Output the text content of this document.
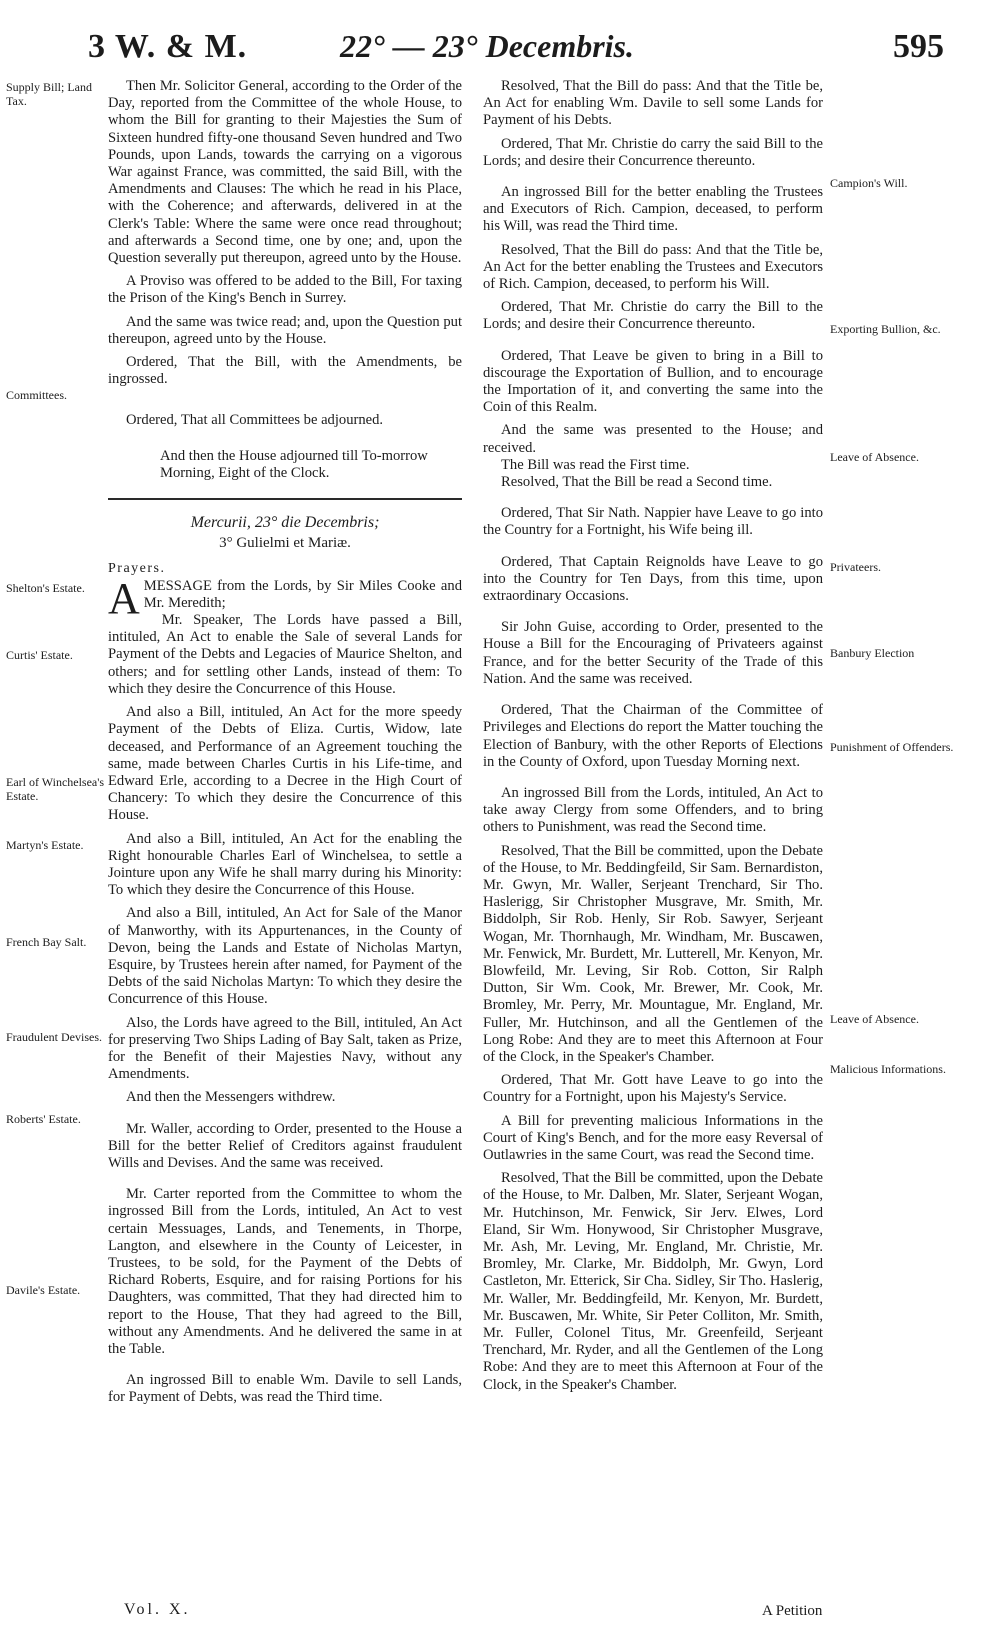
3 W. & M.	22° — 23° Decembris.	595

Then Mr. Solicitor General, according to the Order of the Day, reported from the Committee of the whole House, to whom the Bill for granting to their Majesties the Sum of Sixteen hundred fifty-one thousand Seven hundred and Two Pounds, upon Lands, towards the carrying on a vigorous War against France, was committed, the said Bill, with the Amendments and Clauses: The which he read in his Place, with the Coherence; and afterwards, delivered in at the Clerk's Table: Where the same were once read throughout; and afterwards a Second time, one by one; and, upon the Question severally put thereupon, agreed unto by the House.

A Proviso was offered to be added to the Bill, For taxing the Prison of the King's Bench in Surrey.

And the same was twice read; and, upon the Question put thereupon, agreed unto by the House.

Ordered, That the Bill, with the Amendments, be ingrossed.

Ordered, That all Committees be adjourned.

And then the House adjourned till To-morrow Morning, Eight of the Clock.

Mercurii, 23° die Decembris;
3° Gulielmi et Mariæ.

Prayers.

AMESSAGE from the Lords, by Sir Miles Cooke and Mr. Meredith;

Mr. Speaker, The Lords have passed a Bill, intituled, An Act to enable the Sale of several Lands for Payment of the Debts and Legacies of Maurice Shelton, and others; and for settling other Lands, instead of them: To which they desire the Concurrence of this House.

And also a Bill, intituled, An Act for the more speedy Payment of the Debts of Eliza. Curtis, Widow, late deceased, and Performance of an Agreement touching the same, made between Charles Curtis in his Life-time, and Edward Erle, according to a Decree in the High Court of Chancery: To which they desire the Concurrence of this House.

And also a Bill, intituled, An Act for the enabling the Right honourable Charles Earl of Winchelsea, to settle a Jointure upon any Wife he shall marry during his Minority: To which they desire the Concurrence of this House.

And also a Bill, intituled, An Act for Sale of the Manor of Manworthy, with its Appurtenances, in the County of Devon, being the Lands and Estate of Nicholas Martyn, Esquire, by Trustees herein after named, for Payment of the Debts of the said Nicholas Martyn: To which they desire the Concurrence of this House.

Also, the Lords have agreed to the Bill, intituled, An Act for preserving Two Ships Lading of Bay Salt, taken as Prize, for the Benefit of their Majesties Navy, without any Amendments.

And then the Messengers withdrew.

Mr. Waller, according to Order, presented to the House a Bill for the better Relief of Creditors against fraudulent Wills and Devises. And the same was received.

Mr. Carter reported from the Committee to whom the ingrossed Bill from the Lords, intituled, An Act to vest certain Messuages, Lands, and Tenements, in Thorpe, Langton, and elsewhere in the County of Leicester, in Trustees, to be sold, for the Payment of the Debts of Richard Roberts, Esquire, and for raising Portions for his Daughters, was committed, That they had directed him to report to the House, That they had agreed to the Bill, without any Amendments. And he delivered the same in at the Table.

An ingrossed Bill to enable Wm. Davile to sell Lands, for Payment of Debts, was read the Third time.

Resolved, That the Bill do pass: And that the Title be, An Act for enabling Wm. Davile to sell some Lands for Payment of his Debts.

Ordered, That Mr. Christie do carry the said Bill to the Lords; and desire their Concurrence thereunto.

An ingrossed Bill for the better enabling the Trustees and Executors of Rich. Campion, deceased, to perform his Will, was read the Third time.

Resolved, That the Bill do pass: And that the Title be, An Act for the better enabling the Trustees and Executors of Rich. Campion, deceased, to perform his Will.

Ordered, That Mr. Christie do carry the Bill to the Lords; and desire their Concurrence thereunto.

Ordered, That Leave be given to bring in a Bill to discourage the Exportation of Bullion, and to encourage the Importation of it, and converting the same into the Coin of this Realm.

And the same was presented to the House; and received.

The Bill was read the First time.

Resolved, That the Bill be read a Second time.

Ordered, That Sir Nath. Nappier have Leave to go into the Country for a Fortnight, his Wife being ill.

Ordered, That Captain Reignolds have Leave to go into the Country for Ten Days, from this time, upon extraordinary Occasions.

Sir John Guise, according to Order, presented to the House a Bill for the Encouraging of Privateers against France, and for the better Security of the Trade of this Nation. And the same was received.

Ordered, That the Chairman of the Committee of Privileges and Elections do report the Matter touching the Election of Banbury, with the other Reports of Elections in the County of Oxford, upon Tuesday Morning next.

An ingrossed Bill from the Lords, intituled, An Act to take away Clergy from some Offenders, and to bring others to Punishment, was read the Second time.

Resolved, That the Bill be committed, upon the Debate of the House, to Mr. Beddingfeild, Sir Sam. Bernardiston, Mr. Gwyn, Mr. Waller, Serjeant Trenchard, Sir Tho. Haslerigg, Sir Christopher Musgrave, Mr. Smith, Mr. Biddolph, Sir Rob. Henly, Sir Rob. Sawyer, Serjeant Wogan, Mr. Thornhaugh, Mr. Windham, Mr. Buscawen, Mr. Fenwick, Mr. Burdett, Mr. Lutterell, Mr. Kenyon, Mr. Blowfeild, Mr. Leving, Sir Rob. Cotton, Sir Ralph Dutton, Sir Wm. Cook, Mr. Brewer, Mr. Cook, Mr. Bromley, Mr. Perry, Mr. Mountague, Mr. England, Mr. Fuller, Mr. Hutchinson, and all the Gentlemen of the Long Robe: And they are to meet this Afternoon at Four of the Clock, in the Speaker's Chamber.

Ordered, That Mr. Gott have Leave to go into the Country for a Fortnight, upon his Majesty's Service.

A Bill for preventing malicious Informations in the Court of King's Bench, and for the more easy Reversal of Outlawries in the same Court, was read the Second time.

Resolved, That the Bill be committed, upon the Debate of the House, to Mr. Dalben, Mr. Slater, Serjeant Wogan, Mr. Hutchinson, Mr. Fenwick, Sir Jerv. Elwes, Lord Eland, Sir Wm. Honywood, Sir Christopher Musgrave, Mr. Ash, Mr. Leving, Mr. England, Mr. Christie, Mr. Bromley, Mr. Clarke, Mr. Biddolph, Mr. Gwyn, Lord Castleton, Mr. Etterick, Sir Cha. Sidley, Sir Tho. Haslerig, Mr. Waller, Mr. Beddingfeild, Mr. Kenyon, Mr. Burdett, Mr. Buscawen, Mr. White, Sir Peter Colliton, Mr. Smith, Mr. Fuller, Colonel Titus, Mr. Greenfeild, Serjeant Trenchard, Mr. Ryder, and all the Gentlemen of the Long Robe: And they are to meet this Afternoon at Four of the Clock, in the Speaker's Chamber.

Supply Bill; Land Tax.
Committees.
Shelton's Estate.
Curtis' Estate.
Earl of Winchelsea's Estate.
Martyn's Estate.
French Bay Salt.
Fraudulent Devises.
Roberts' Estate.
Davile's Estate.
Campion's Will.
Exporting Bullion, &c.
Leave of Absence.
Privateers.
Banbury Election
Punishment of Offenders.
Leave of Absence.
Malicious Informations.
Vol. X.	A Petition
